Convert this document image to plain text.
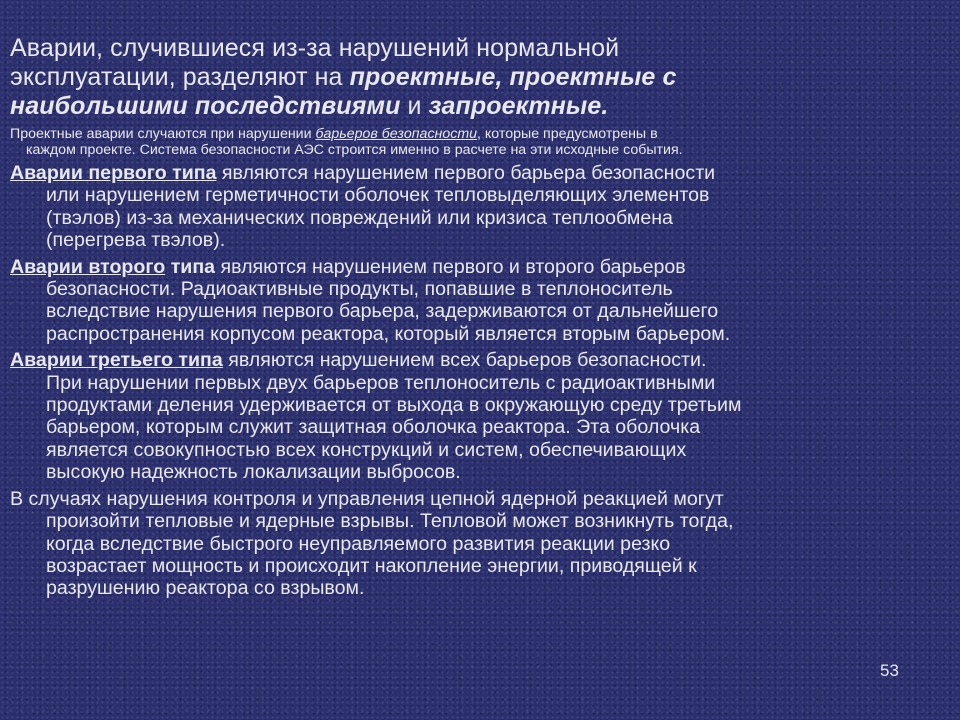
Аварии, случившиеся из-за нарушений нормальной
эксплуатации, разделяют на проектные, проектные с
наибольшими последствиями и запроектные.
Проектные аварии случаются при нарушении барьеров безопасности, которые предусмотрены в
каждом проекте. Система безопасности АЭС строится именно в расчете на эти исходные события.
Аварии первого типа являются нарушением первого барьера безопасности
или нарушением герметичности оболочек тепловыделяющих элементов
(твэлов) из-за механических повреждений или кризиса теплообмена
(перегрева твэлов).
Аварии второго типа являются нарушением первого и второго барьеров
безопасности. Радиоактивные продукты, попавшие в теплоноситель
вследствие нарушения первого барьера, задерживаются от дальнейшего
распространения корпусом реактора, который является вторым барьером.
Аварии третьего типа являются нарушением всех барьеров безопасности.
При нарушении первых двух барьеров теплоноситель с радиоактивными
продуктами деления удерживается от выхода в окружающую среду третьим
барьером, которым служит защитная оболочка реактора. Эта оболочка
является совокупностью всех конструкций и систем, обеспечивающих
высокую надежность локализации выбросов.
В случаях нарушения контроля и управления цепной ядерной реакцией могут
произойти тепловые и ядерные взрывы. Тепловой может возникнуть тогда,
когда вследствие быстрого неуправляемого развития реакции резко
возрастает мощность и происходит накопление энергии, приводящей к
разрушению реактора со взрывом.
53
